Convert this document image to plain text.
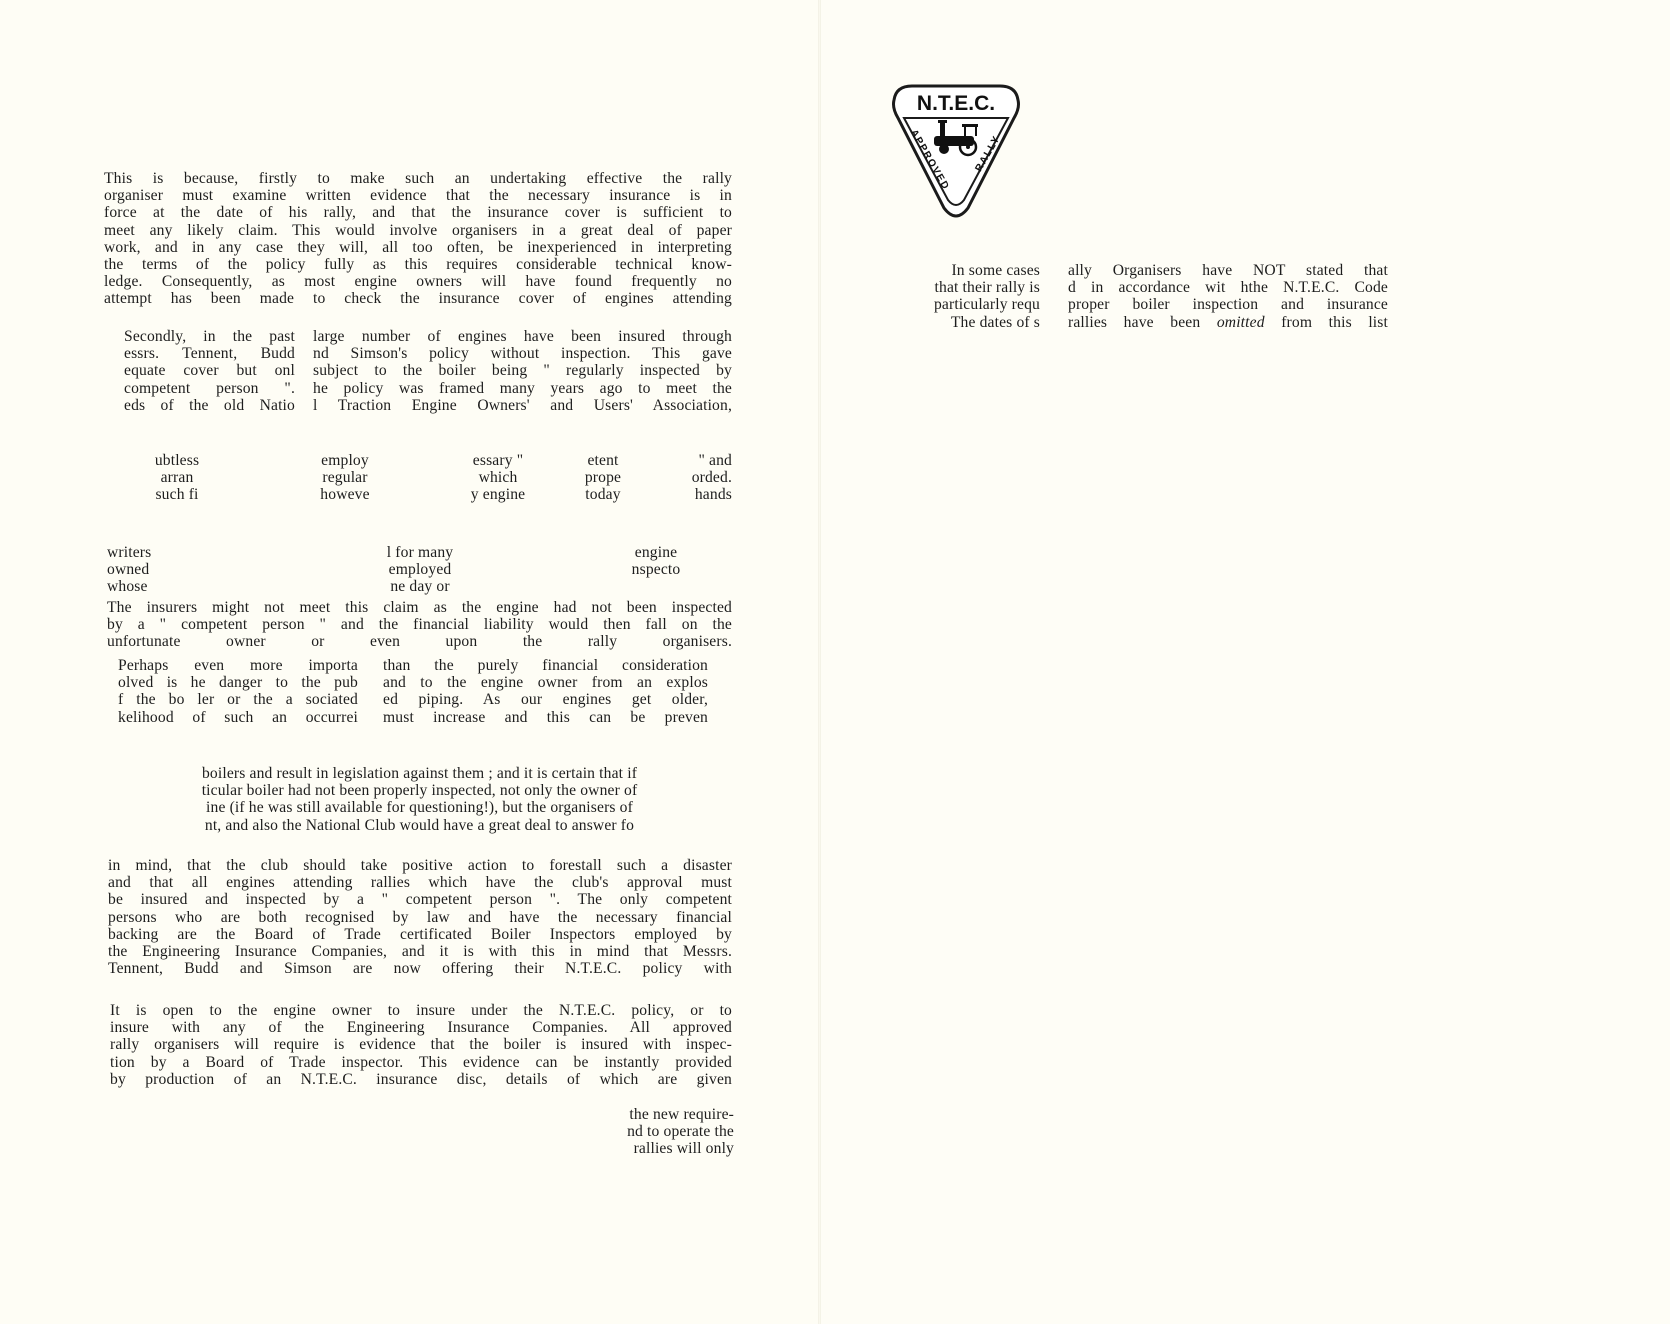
This is because, firstly to make such an undertaking effective the rally
organiser must examine written evidence that the necessary insurance is in
force at the date of his rally, and that the insurance cover is sufficient to
meet any likely claim. This would involve organisers in a great deal of paper
work, and in any case they will, all too often, be inexperienced in interpreting
the terms of the policy fully as this requires considerable technical know-
ledge. Consequently, as most engine owners will have found frequently no
attempt has been made to check the insurance cover of engines attending
Secondly, in the past
essrs. Tennent, Budd
equate cover but onl
competent person ".
eds of the old Natio
large number of engines have been insured through
nd Simson's policy without inspection. This gave
subject to the boiler being " regularly inspected by
he policy was framed many years ago to meet the
l Traction Engine Owners' and Users' Association,
ubtless
arran
such fi
employ
regular
howeve
essary "
which
y engine
etent
prope
today
" and
orded.
hands
writers
owned
whose
l for many
employed
ne day or
engine
nspecto
The insurers might not meet this claim as the engine had not been inspected
by a " competent person " and the financial liability would then fall on the
unfortunate owner or even upon the rally organisers.
Perhaps even more importa
olved is he danger to the pub
f the bo ler or the a sociated
kelihood of such an occurrei
than the purely financial consideration
and to the engine owner from an explos
ed piping. As our engines get older,
must increase and this can be preven
boilers and result in legislation against them ; and it is certain that if
ticular boiler had not been properly inspected, not only the owner of
ine (if he was still available for questioning!), but the organisers of
nt, and also the National Club would have a great deal to answer fo
in mind, that the club should take positive action to forestall such a disaster
and that all engines attending rallies which have the club's approval must
be insured and inspected by a " competent person ". The only competent
persons who are both recognised by law and have the necessary financial
backing are the Board of Trade certificated Boiler Inspectors employed by
the Engineering Insurance Companies, and it is with this in mind that Messrs.
Tennent, Budd and Simson are now offering their N.T.E.C. policy with
It is open to the engine owner to insure under the N.T.E.C. policy, or to
insure with any of the Engineering Insurance Companies. All approved
rally organisers will require is evidence that the boiler is insured with inspec-
tion by a Board of Trade inspector. This evidence can be instantly provided
by production of an N.T.E.C. insurance disc, details of which are given
the new require-
nd to operate the
rallies will only
N.T.E.C.
APPROVED
RALLY
In some cases
that their rally is
particularly requ
The dates of s
ally Organisers have NOT stated that
d in accordance wit hthe N.T.E.C. Code
proper boiler inspection and insurance
rallies have been omitted from this list
